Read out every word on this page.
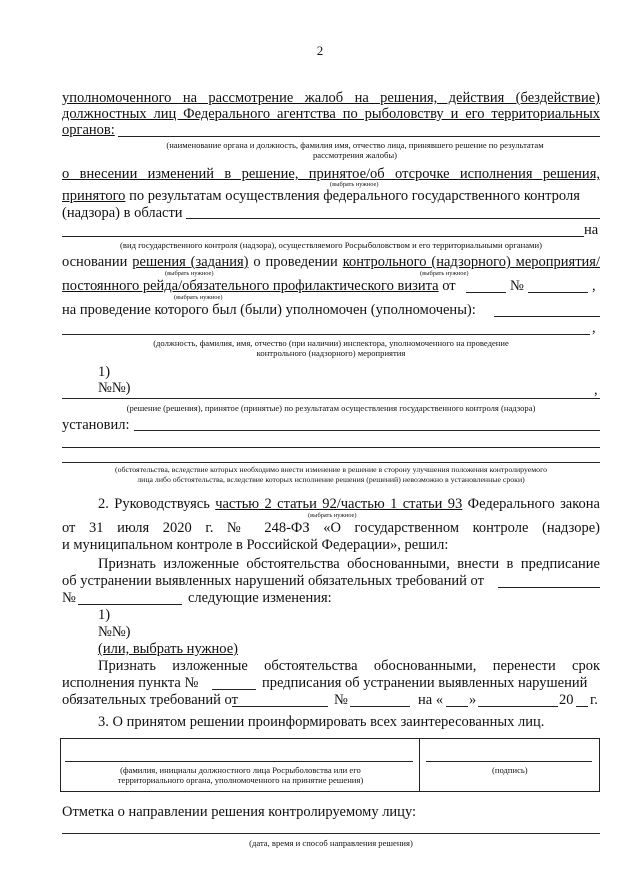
2
уполномоченного на рассмотрение жалоб на решения, действия (бездействие)
должностных лиц Федерального агентства по рыболовству и его территориальных
органов:
(наименование органа и должность, фамилия имя, отчество лица, принявшего решение по результатам
рассмотрения жалобы)
о внесении изменений в решение, принятое/об отсрочке исполнения решения,
(выбрать нужное)
принятого по результатам осуществления федерального государственного контроля
(надзора) в области
на
(вид государственного контроля (надзора), осуществляемого Росрыболовством и его территориальными органами)
основании решения (задания) о проведении контрольного (надзорного) мероприятия/
(выбрать нужное)	(выбрать нужное)
постоянного рейда/обязательного профилактического визита от	№	,
(выбрать нужное)
на проведение которого был (были) уполномочен (уполномочены):
,
(должность, фамилия, имя, отчество (при наличии) инспектора, уполномоченного на проведение
контрольного (надзорного) мероприятия
1)
№№)	,
(решение (решения), принятое (принятые) по результатам осуществления государственного контроля (надзора)
установил:
(обстоятельства, вследствие которых необходимо внести изменение в решение в сторону улучшения положения контролируемого
лица либо обстоятельства, вследствие которых исполнение решения (решений) невозможно в установленные сроки)
2. Руководствуясь частью 2 статьи 92/частью 1 статьи 93 Федерального закона
(выбрать нужное)
от 31 июля 2020 г. № 248-ФЗ «О государственном контроле (надзоре)
и муниципальном контроле в Российской Федерации», решил:
Признать изложенные обстоятельства обоснованными, внести в предписание
об устранении выявленных нарушений обязательных требований от
№	следующие изменения:
1)
№№)
(или, выбрать нужное)
Признать изложенные обстоятельства обоснованными, перенести срок
исполнения пункта №	предписания об устранении выявленных нарушений
обязательных требований от	№	на « »	20 г.
3. О принятом решении проинформировать всех заинтересованных лиц.
(фамилия, инициалы должностного лица Росрыболовства или его
территориального органа, уполномоченного на принятие решения)

(подпись)
Отметка о направлении решения контролируемому лицу:
(дата, время и способ направления решения)
